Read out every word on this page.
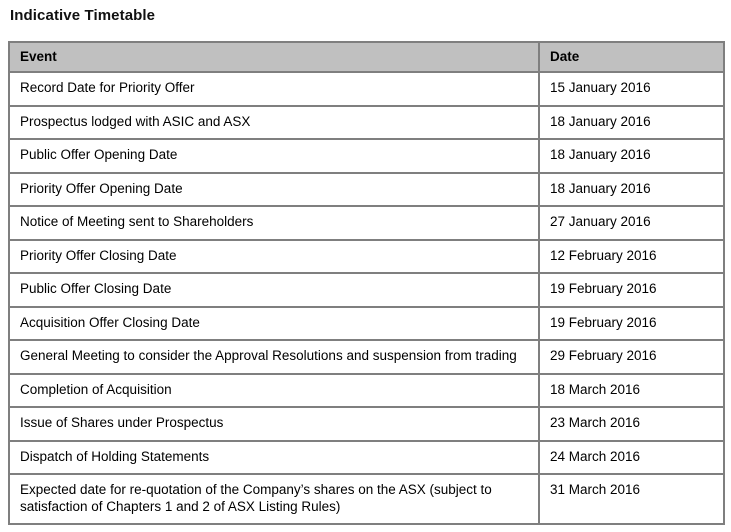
Indicative Timetable
Event	Date
Record Date for Priority Offer	15 January 2016
Prospectus lodged with ASIC and ASX	18 January 2016
Public Offer Opening Date	18 January 2016
Priority Offer Opening Date	18 January 2016
Notice of Meeting sent to Shareholders	27 January 2016
Priority Offer Closing Date	12 February 2016
Public Offer Closing Date	19 February 2016
Acquisition Offer Closing Date	19 February 2016
General Meeting to consider the Approval Resolutions and suspension from trading	29 February 2016
Completion of Acquisition	18 March 2016
Issue of Shares under Prospectus	23 March 2016
Dispatch of Holding Statements	24 March 2016
Expected date for re-quotation of the Company’s shares on the ASX (subject to satisfaction of Chapters 1 and 2 of ASX Listing Rules)	31 March 2016
